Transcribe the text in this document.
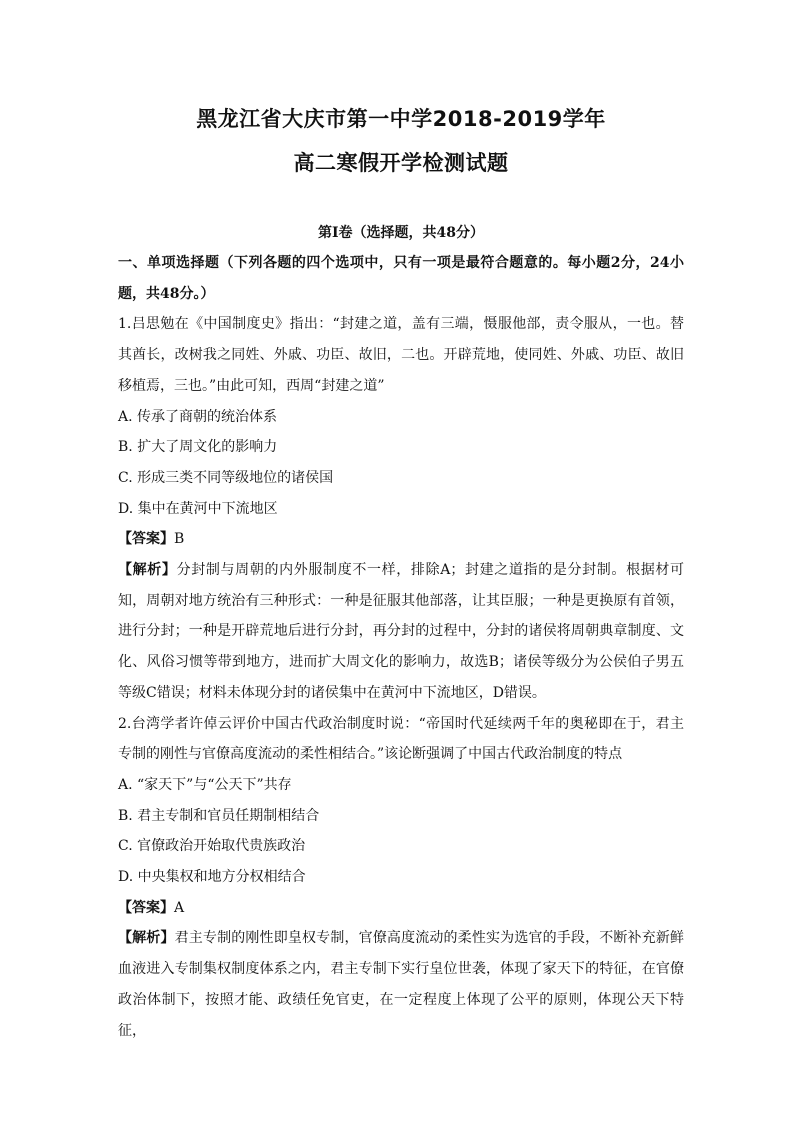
黑龙江省大庆市第一中学2018-2019学年
高二寒假开学检测试题
第Ⅰ卷（选择题，共48分）

一、单项选择题（下列各题的四个选项中，只有一项是最符合题意的。每小题2分，24小题，共48分。）

1.吕思勉在《中国制度史》指出：“封建之道，盖有三端，慑服他部，责令服从，一也。替其酋长，改树我之同姓、外戚、功臣、故旧，二也。开辟荒地，使同姓、外戚、功臣、故旧移植焉，三也。”由此可知，西周“封建之道”

A. 传承了商朝的统治体系

B. 扩大了周文化的影响力

C. 形成三类不同等级地位的诸侯国

D. 集中在黄河中下流地区

【答案】B

【解析】分封制与周朝的内外服制度不一样，排除A；封建之道指的是分封制。根据材可知，周朝对地方统治有三种形式：一种是征服其他部落，让其臣服；一种是更换原有首领，进行分封；一种是开辟荒地后进行分封，再分封的过程中，分封的诸侯将周朝典章制度、文化、风俗习惯等带到地方，进而扩大周文化的影响力，故选B；诸侯等级分为公侯伯子男五等级C错误；材料未体现分封的诸侯集中在黄河中下流地区，D错误。

2.台湾学者许倬云评价中国古代政治制度时说：“帝国时代延续两千年的奥秘即在于，君主专制的刚性与官僚高度流动的柔性相结合。”该论断强调了中国古代政治制度的特点

A. “家天下”与“公天下”共存

B. 君主专制和官员任期制相结合

C. 官僚政治开始取代贵族政治

D. 中央集权和地方分权相结合

【答案】A

【解析】君主专制的刚性即皇权专制，官僚高度流动的柔性实为选官的手段，不断补充新鲜血液进入专制集权制度体系之内，君主专制下实行皇位世袭，体现了家天下的特征，在官僚政治体制下，按照才能、政绩任免官吏，在一定程度上体现了公平的原则，体现公天下特征，
